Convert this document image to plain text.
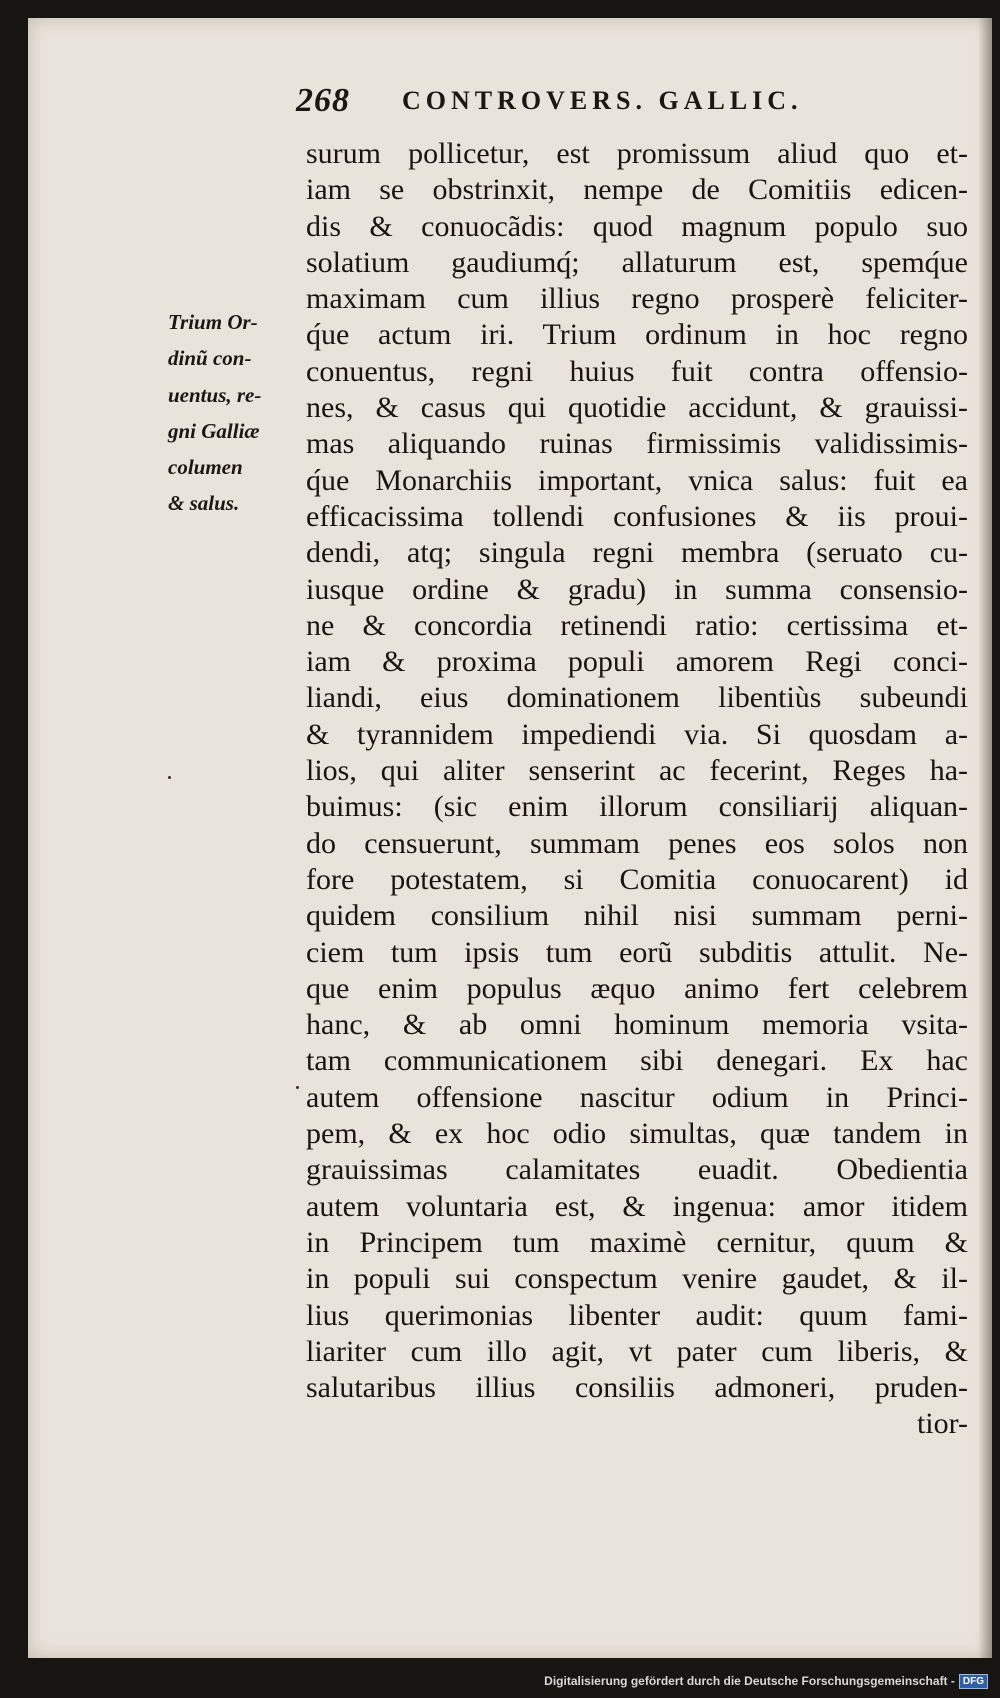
268 CONTROVERS. GALLIC.
Trium Or-
dinũ con-
uentus, re-
gni Galliæ
columen
& salus.
surum pollicetur, est promissum aliud quo et-
iam se obstrinxit, nempe de Comitiis edicen-
dis & conuocãdis: quod magnum populo suo
solatium gaudiumq́; allaturum est, spemq́ue
maximam cum illius regno prosperè feliciter-
q́ue actum iri. Trium ordinum in hoc regno
conuentus, regni huius fuit contra offensio-
nes, & casus qui quotidie accidunt, & grauissi-
mas aliquando ruinas firmissimis validissimis-
q́ue Monarchiis important, vnica salus: fuit ea
efficacissima tollendi confusiones & iis proui-
dendi, atq; singula regni membra (seruato cu-
iusque ordine & gradu) in summa consensio-
ne & concordia retinendi ratio: certissima et-
iam & proxima populi amorem Regi conci-
liandi, eius dominationem libentiùs subeundi
& tyrannidem impediendi via. Si quosdam a-
lios, qui aliter senserint ac fecerint, Reges ha-
buimus: (sic enim illorum consiliarij aliquan-
do censuerunt, summam penes eos solos non
fore potestatem, si Comitia conuocarent) id
quidem consilium nihil nisi summam perni-
ciem tum ipsis tum eorũ subditis attulit. Ne-
que enim populus æquo animo fert celebrem
hanc, & ab omni hominum memoria vsita-
tam communicationem sibi denegari. Ex hac
autem offensione nascitur odium in Princi-
pem, & ex hoc odio simultas, quæ tandem in
grauissimas calamitates euadit. Obedientia
autem voluntaria est, & ingenua: amor itidem
in Principem tum maximè cernitur, quum &
in populi sui conspectum venire gaudet, & il-
lius querimonias libenter audit: quum fami-
liariter cum illo agit, vt pater cum liberis, &
salutaribus illius consiliis admoneri, pruden-
tior-
Digitalisierung gefördert durch die Deutsche Forschungsgemeinschaft - DFG
